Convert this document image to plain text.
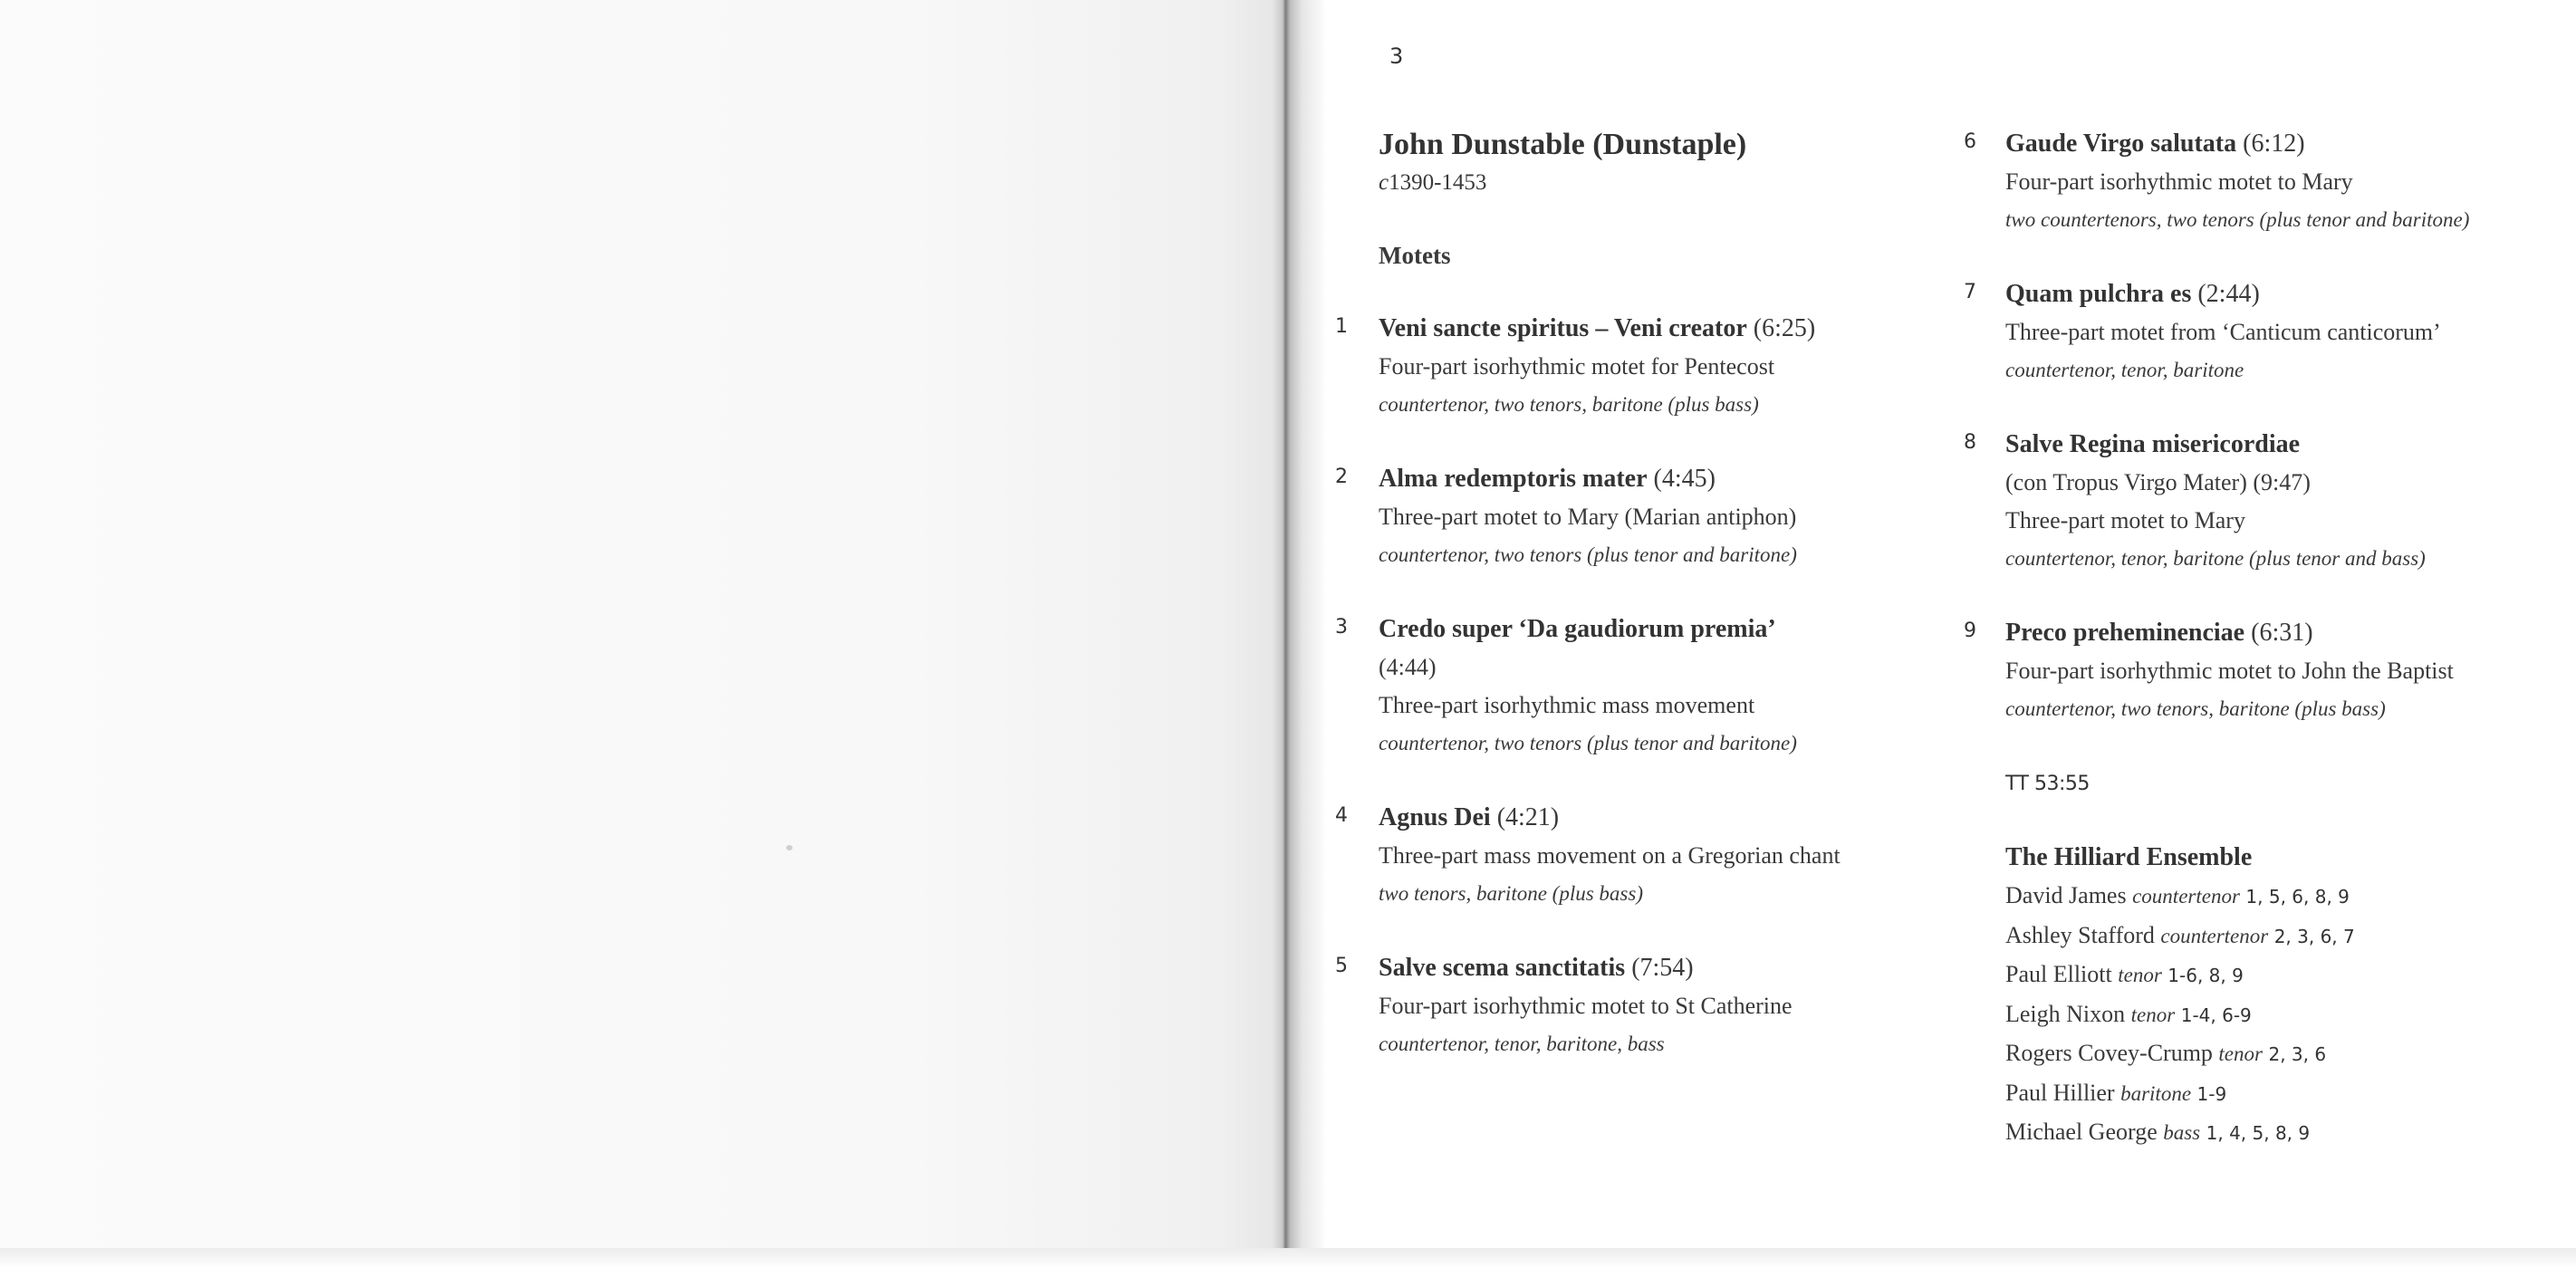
3
John Dunstable (Dunstaple)
c1390-1453
Motets
1 Veni sancte spiritus – Veni creator (6:25)
Four-part isorhythmic motet for Pentecost
countertenor, two tenors, baritone (plus bass)
2 Alma redemptoris mater (4:45)
Three-part motet to Mary (Marian antiphon)
countertenor, two tenors (plus tenor and baritone)
3 Credo super ‘Da gaudiorum premia’
(4:44)
Three-part isorhythmic mass movement
countertenor, two tenors (plus tenor and baritone)
4 Agnus Dei (4:21)
Three-part mass movement on a Gregorian chant
two tenors, baritone (plus bass)
5 Salve scema sanctitatis (7:54)
Four-part isorhythmic motet to St Catherine
countertenor, tenor, baritone, bass
6 Gaude Virgo salutata (6:12)
Four-part isorhythmic motet to Mary
two countertenors, two tenors (plus tenor and baritone)
7 Quam pulchra es (2:44)
Three-part motet from ‘Canticum canticorum’
countertenor, tenor, baritone
8 Salve Regina misericordiae
(con Tropus Virgo Mater) (9:47)
Three-part motet to Mary
countertenor, tenor, baritone (plus tenor and bass)
9 Preco preheminenciae (6:31)
Four-part isorhythmic motet to John the Baptist
countertenor, two tenors, baritone (plus bass)
TT 53:55
The Hilliard Ensemble
David James countertenor 1, 5, 6, 8, 9
Ashley Stafford countertenor 2, 3, 6, 7
Paul Elliott tenor 1-6, 8, 9
Leigh Nixon tenor 1-4, 6-9
Rogers Covey-Crump tenor 2, 3, 6
Paul Hillier baritone 1-9
Michael George bass 1, 4, 5, 8, 9
